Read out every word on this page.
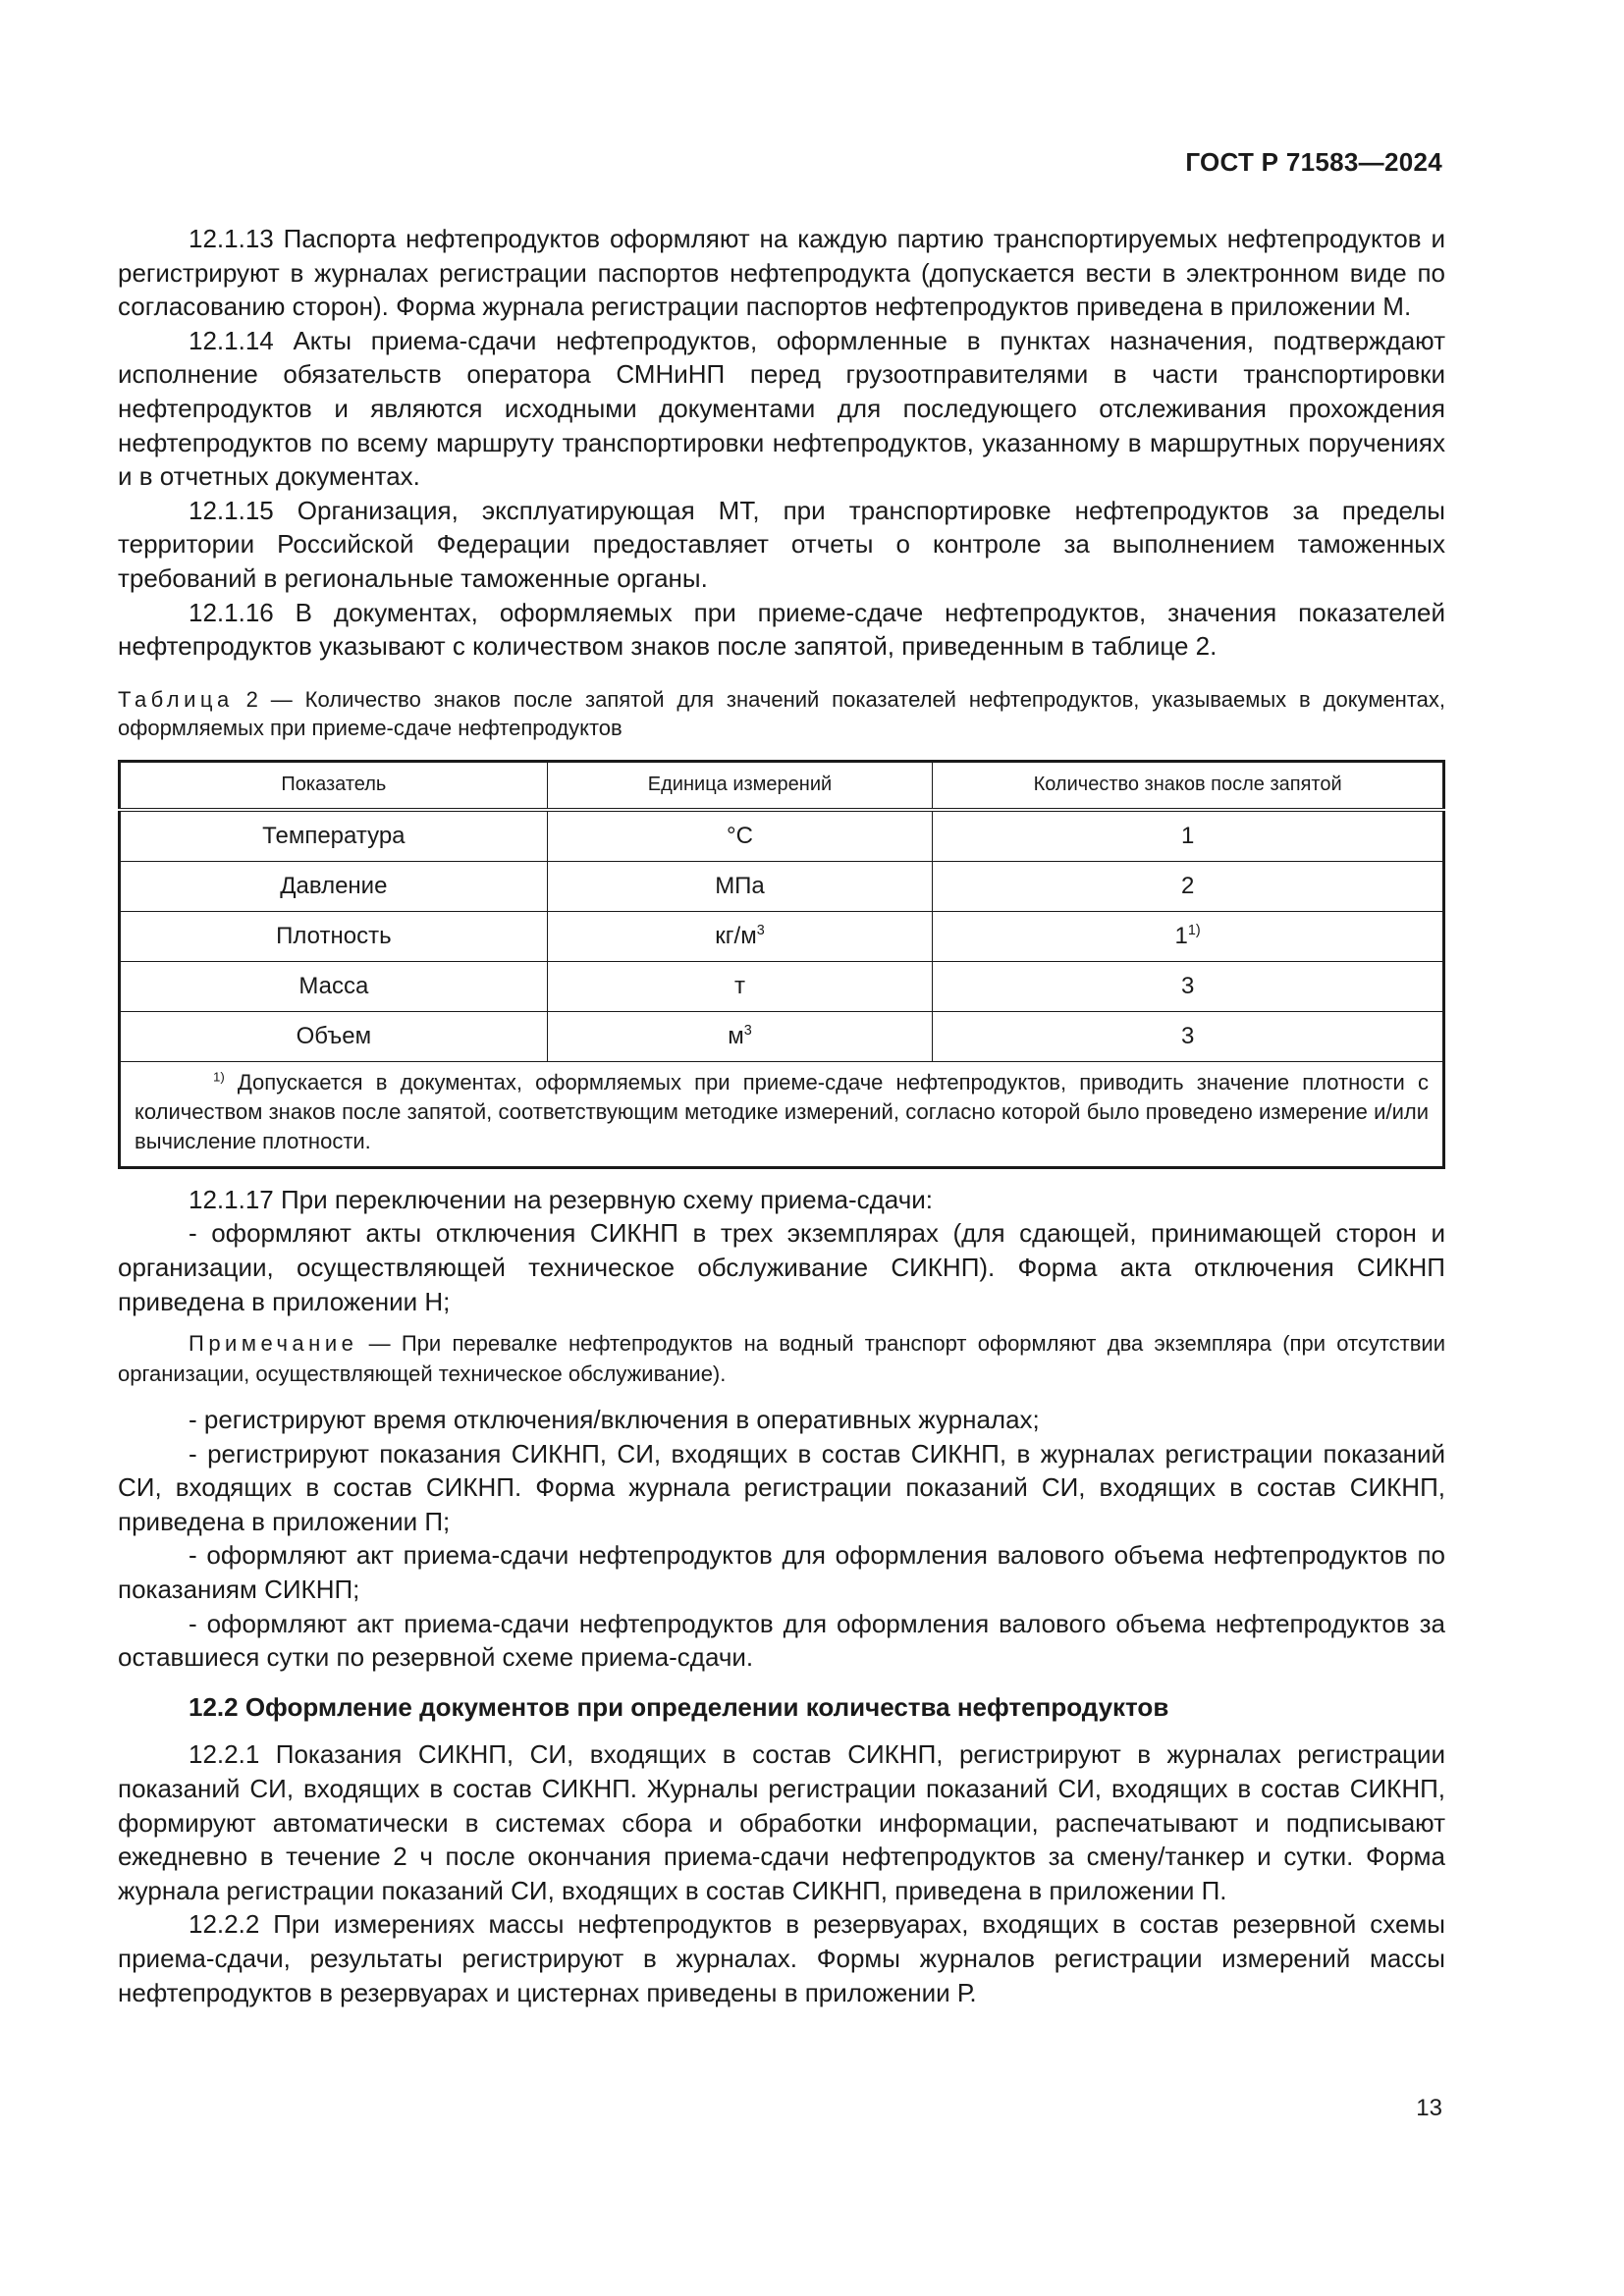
ГОСТ Р 71583—2024

12.1.13 Паспорта нефтепродуктов оформляют на каждую партию транспортируемых нефтепродуктов и регистрируют в журналах регистрации паспортов нефтепродукта (допускается вести в электронном виде по согласованию сторон). Форма журнала регистрации паспортов нефтепродуктов приведена в приложении М.

12.1.14 Акты приема-сдачи нефтепродуктов, оформленные в пунктах назначения, подтверждают исполнение обязательств оператора СМНиНП перед грузоотправителями в части транспортировки нефтепродуктов и являются исходными документами для последующего отслеживания прохождения нефтепродуктов по всему маршруту транспортировки нефтепродуктов, указанному в маршрутных поручениях и в отчетных документах.

12.1.15 Организация, эксплуатирующая МТ, при транспортировке нефтепродуктов за пределы территории Российской Федерации предоставляет отчеты о контроле за выполнением таможенных требований в региональные таможенные органы.

12.1.16 В документах, оформляемых при приеме-сдаче нефтепродуктов, значения показателей нефтепродуктов указывают с количеством знаков после запятой, приведенным в таблице 2.

Таблица 2 — Количество знаков после запятой для значений показателей нефтепродуктов, указываемых в документах, оформляемых при приеме-сдаче нефтепродуктов

Показатель	Единица измерений	Количество знаков после запятой
Температура	°С	1
Давление	МПа	2
Плотность	$кг/м^3$	1$^{1)}$
Масса	т	3
Объем	$м^3$	3
$^{1)}$ Допускается в документах, оформляемых при приеме-сдаче нефтепродуктов, приводить значение плотности с количеством знаков после запятой, соответствующим методике измерений, согласно которой было проведено измерение и/или вычисление плотности.		

12.1.17 При переключении на резервную схему приема-сдачи:

- оформляют акты отключения СИКНП в трех экземплярах (для сдающей, принимающей сторон и организации, осуществляющей техническое обслуживание СИКНП). Форма акта отключения СИКНП приведена в приложении Н;

Примечание — При перевалке нефтепродуктов на водный транспорт оформляют два экземпляра (при отсутствии организации, осуществляющей техническое обслуживание).

- регистрируют время отключения/включения в оперативных журналах;

- регистрируют показания СИКНП, СИ, входящих в состав СИКНП, в журналах регистрации показаний СИ, входящих в состав СИКНП. Форма журнала регистрации показаний СИ, входящих в состав СИКНП, приведена в приложении П;

- оформляют акт приема-сдачи нефтепродуктов для оформления валового объема нефтепродуктов по показаниям СИКНП;

- оформляют акт приема-сдачи нефтепродуктов для оформления валового объема нефтепродуктов за оставшиеся сутки по резервной схеме приема-сдачи.

12.2 Оформление документов при определении количества нефтепродуктов

12.2.1 Показания СИКНП, СИ, входящих в состав СИКНП, регистрируют в журналах регистрации показаний СИ, входящих в состав СИКНП. Журналы регистрации показаний СИ, входящих в состав СИКНП, формируют автоматически в системах сбора и обработки информации, распечатывают и подписывают ежедневно в течение 2 ч после окончания приема-сдачи нефтепродуктов за смену/танкер и сутки. Форма журнала регистрации показаний СИ, входящих в состав СИКНП, приведена в приложении П.

12.2.2 При измерениях массы нефтепродуктов в резервуарах, входящих в состав резервной схемы приема-сдачи, результаты регистрируют в журналах. Формы журналов регистрации измерений массы нефтепродуктов в резервуарах и цистернах приведены в приложении Р.

13
